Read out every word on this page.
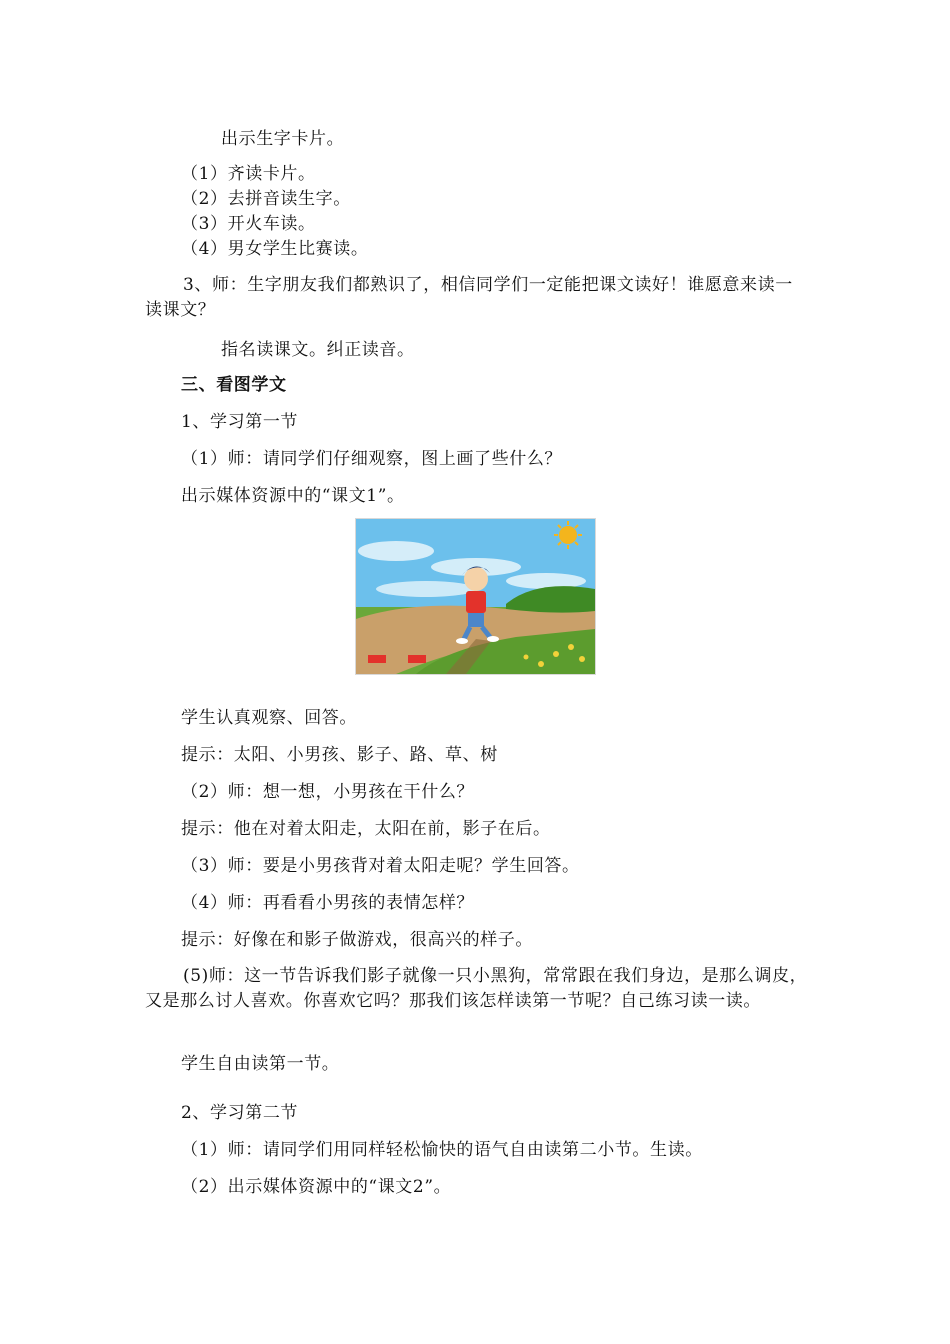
出示生字卡片。

（1）齐读卡片。

（2）去拼音读生字。

（3）开火车读。

（4）男女学生比赛读。

3、师：生字朋友我们都熟识了，相信同学们一定能把课文读好！谁愿意来读一读课文？

指名读课文。纠正读音。

三、看图学文

1、学习第一节

（1）师：请同学们仔细观察，图上画了些什么？

出示媒体资源中的“课文1”。

学生认真观察、回答。

提示：太阳、小男孩、影子、路、草、树

（2）师：想一想，小男孩在干什么？

提示：他在对着太阳走，太阳在前，影子在后。

（3）师：要是小男孩背对着太阳走呢？学生回答。

（4）师：再看看小男孩的表情怎样？

提示：好像在和影子做游戏，很高兴的样子。

(5)师：这一节告诉我们影子就像一只小黑狗，常常跟在我们身边，是那么调皮，又是那么讨人喜欢。你喜欢它吗？那我们该怎样读第一节呢？自己练习读一读。

学生自由读第一节。

2、学习第二节

（1）师：请同学们用同样轻松愉快的语气自由读第二小节。生读。

（2）出示媒体资源中的“课文2”。
